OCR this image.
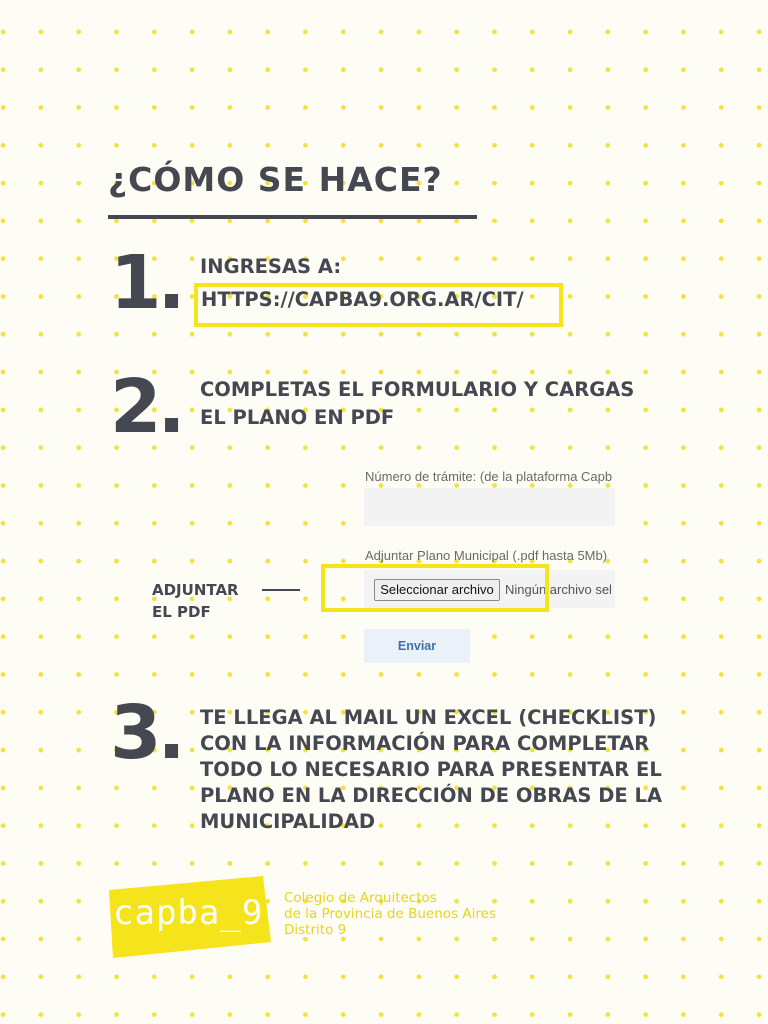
¿CÓMO SE HACE?
1. INGRESAS A:
HTTPS://CAPBA9.ORG.AR/CIT/
2. COMPLETAS EL FORMULARIO Y CARGAS
EL PLANO EN PDF
Número de trámite: (de la plataforma Capb
Adjuntar Plano Municipal (.pdf hasta 5Mb)
Seleccionar archivo Ningún archivo sel
Enviar
ADJUNTAR
EL PDF
3. TE LLEGA AL MAIL UN EXCEL (CHECKLIST)
CON LA INFORMACIÓN PARA COMPLETAR
TODO LO NECESARIO PARA PRESENTAR EL
PLANO EN LA DIRECCIÓN DE OBRAS DE LA
MUNICIPALIDAD
capba_9 Colegio de Arquitectos
de la Provincia de Buenos Aires
Distrito 9
